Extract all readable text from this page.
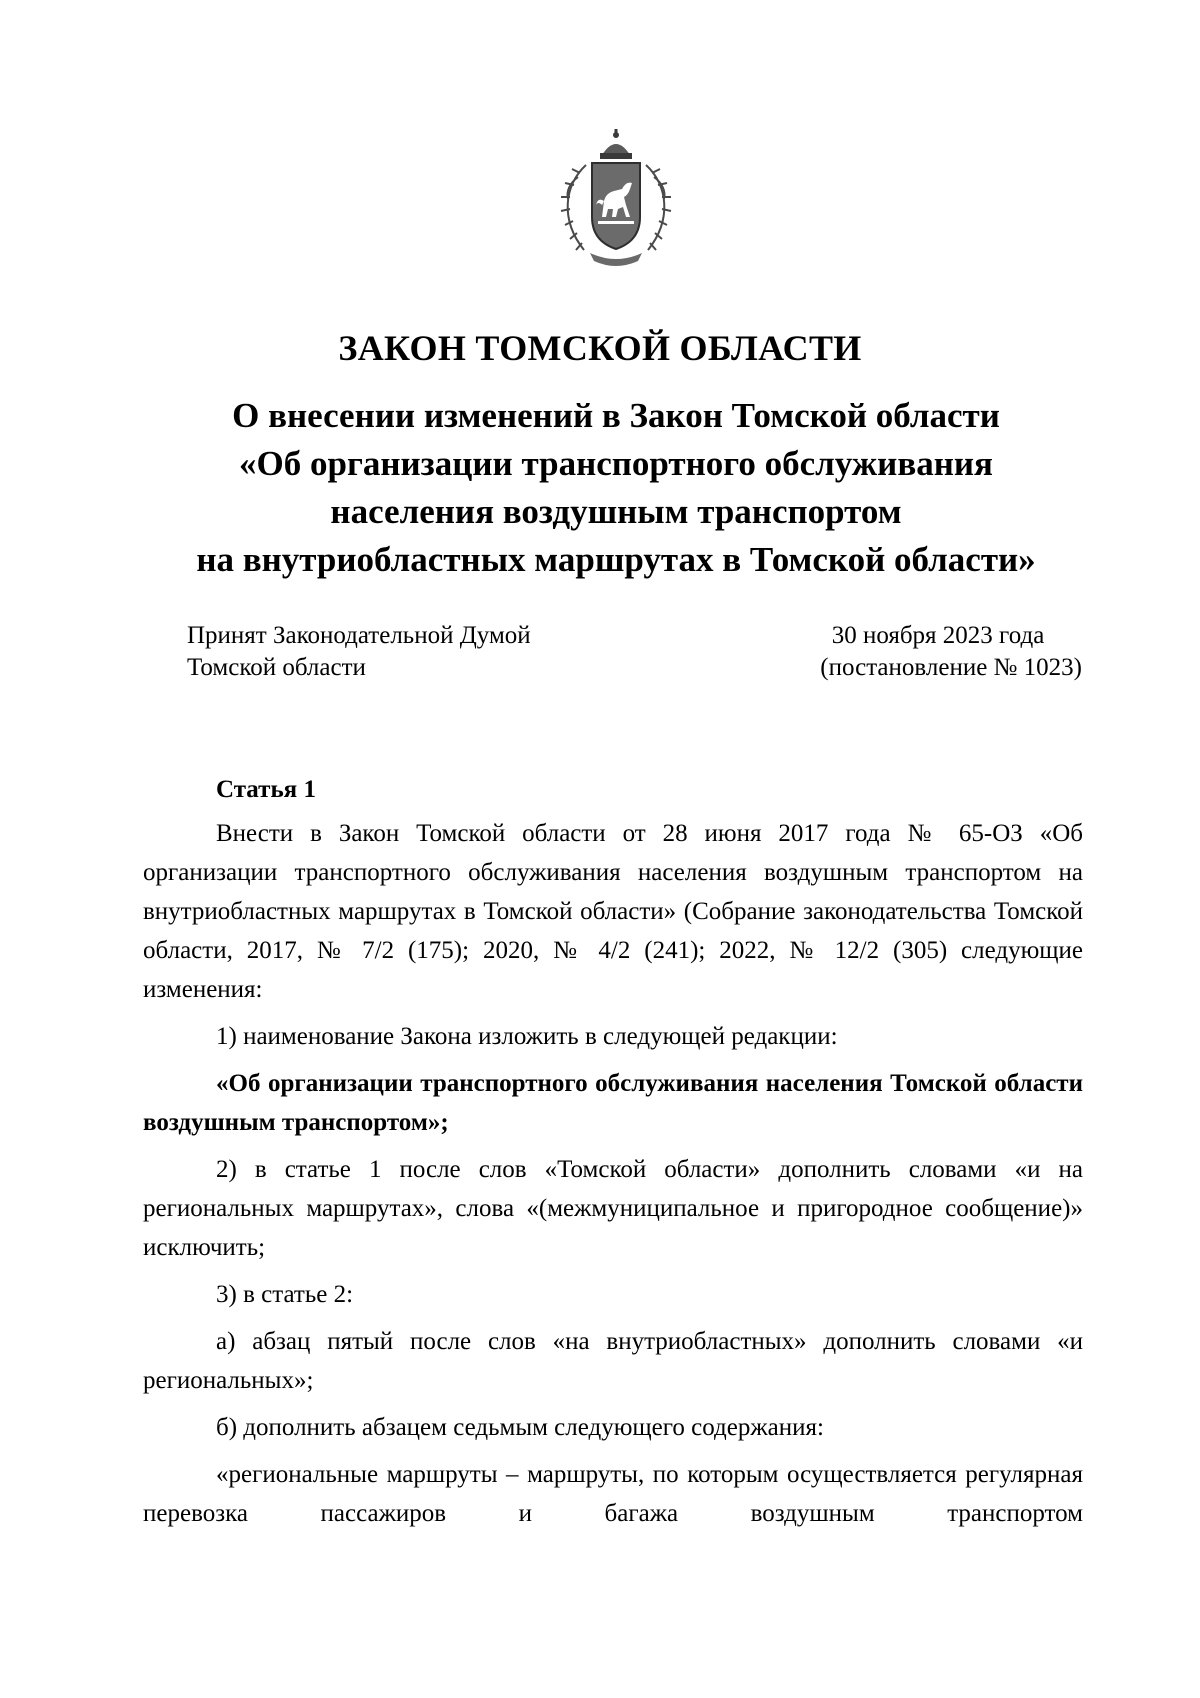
ЗАКОН ТОМСКОЙ ОБЛАСТИ
О внесении изменений в Закон Томской области
«Об организации транспортного обслуживания
населения воздушным транспортом
на внутриобластных маршрутах в Томской области»
Принят Законодательной Думой
Томской области
30 ноября 2023 года
(постановление № 1023)
Статья 1

Внести в Закон Томской области от 28 июня 2017 года № 65-ОЗ «Об организации транспортного обслуживания населения воздушным транспортом на внутриобластных маршрутах в Томской области» (Собрание законодательства Томской области, 2017, № 7/2 (175); 2020, № 4/2 (241); 2022, № 12/2 (305) следующие изменения:

1) наименование Закона изложить в следующей редакции:

«Об организации транспортного обслуживания населения Томской области воздушным транспортом»;

2) в статье 1 после слов «Томской области» дополнить словами «и на региональных маршрутах», слова «(межмуниципальное и пригородное сообщение)» исключить;

3) в статье 2:

а) абзац пятый после слов «на внутриобластных» дополнить словами «и региональных»;

б) дополнить абзацем седьмым следующего содержания:

«региональные маршруты – маршруты, по которым осуществляется регулярная перевозка пассажиров и багажа воздушным транспортом
